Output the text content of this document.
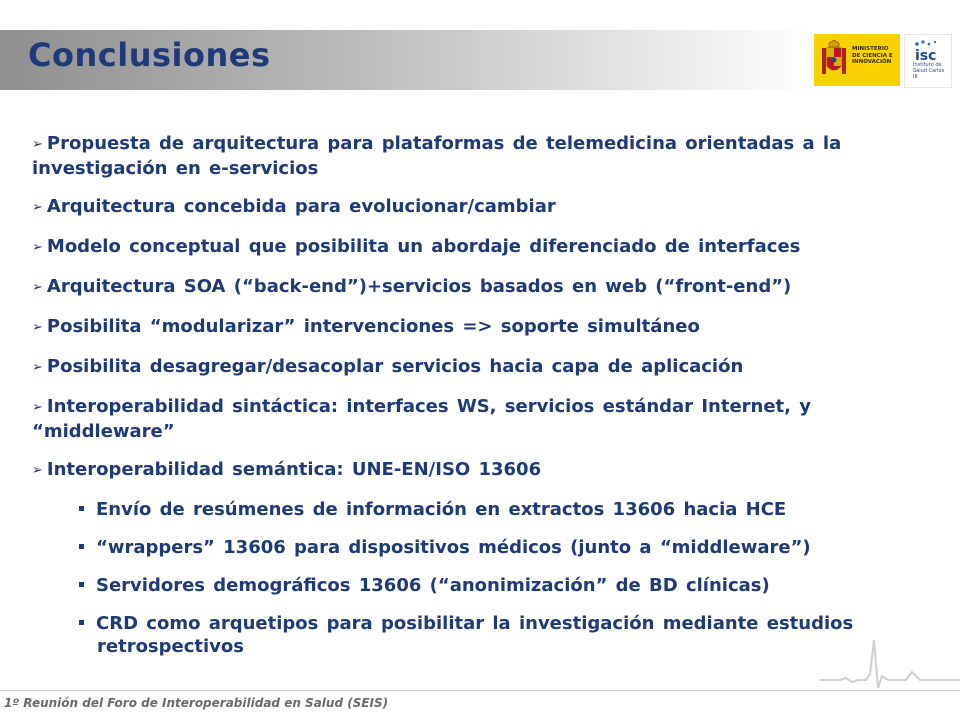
Conclusiones	MINISTERIO DE CIENCIA E INNOVACIÓN	isc
Instituto de Salud Carlos III

➢ Propuesta de arquitectura para plataformas de telemedicina orientadas a la investigación en e-servicios

➢ Arquitectura concebida para evolucionar/cambiar

➢ Modelo conceptual que posibilita un abordaje diferenciado de interfaces

➢ Arquitectura SOA (“back-end”)+servicios basados en web (“front-end”)

➢ Posibilita “modularizar” intervenciones => soporte simultáneo

➢ Posibilita desagregar/desacoplar servicios hacia capa de aplicación

➢ Interoperabilidad sintáctica: interfaces WS, servicios estándar Internet, y “middleware”

➢ Interoperabilidad semántica: UNE-EN/ISO 13606

Envío de resúmenes de información en extractos 13606 hacia HCE

“wrappers” 13606 para dispositivos médicos (junto a “middleware”)

Servidores demográficos 13606 (“anonimización” de BD clínicas)

CRD como arquetipos para posibilitar la investigación mediante estudios retrospectivos

1º Reunión del Foro de Interoperabilidad en Salud (SEIS)
